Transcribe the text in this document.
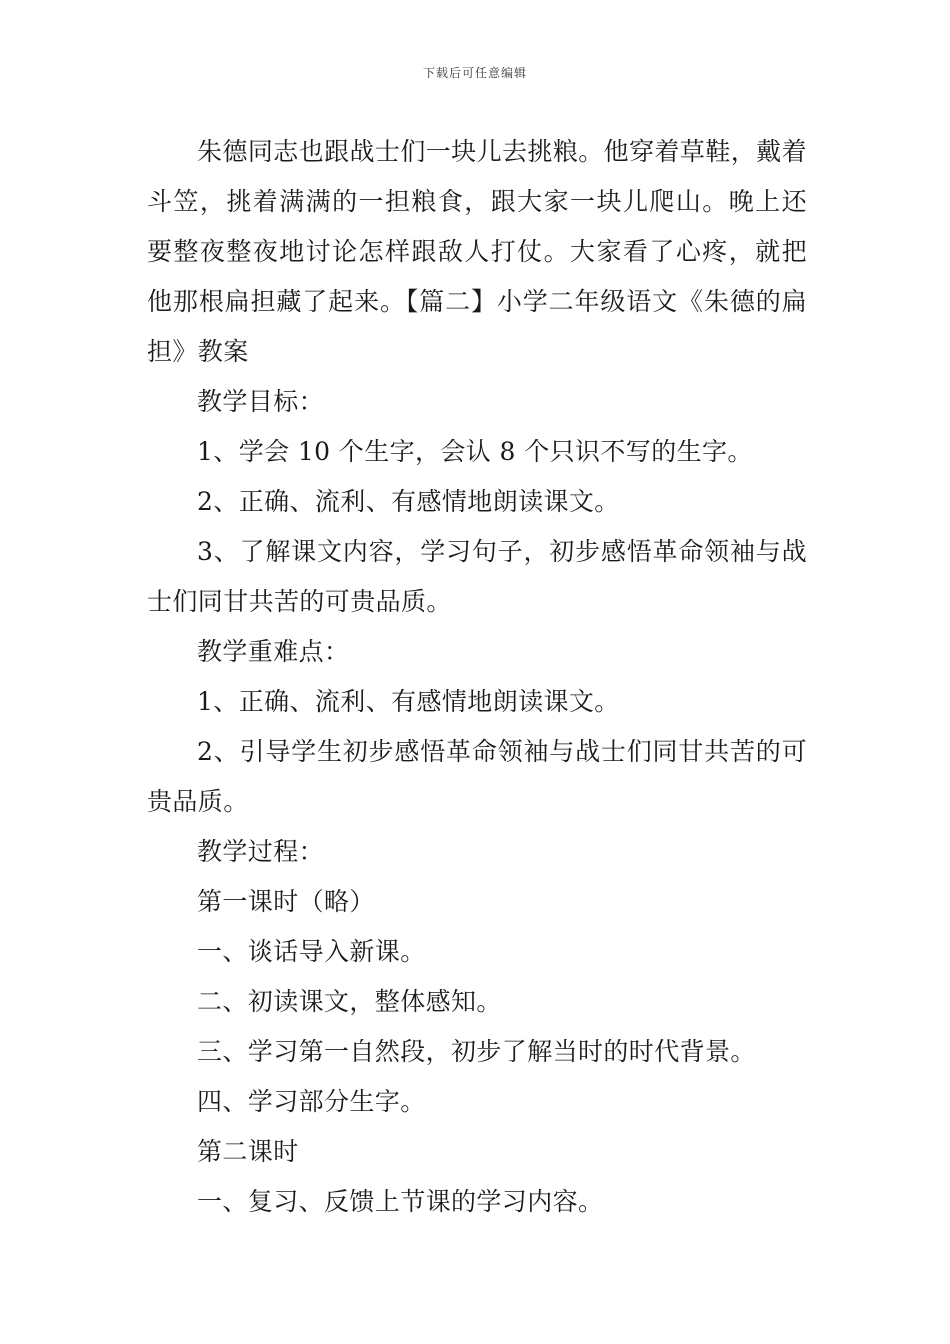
下载后可任意编辑

朱德同志也跟战士们一块儿去挑粮。他穿着草鞋，戴着斗笠，挑着满满的一担粮食，跟大家一块儿爬山。晚上还要整夜整夜地讨论怎样跟敌人打仗。大家看了心疼，就把他那根扁担藏了起来。【篇二】小学二年级语文《朱德的扁担》教案

教学目标：

1、学会 10 个生字，会认 8 个只识不写的生字。

2、正确、流利、有感情地朗读课文。

3、了解课文内容，学习句子，初步感悟革命领袖与战士们同甘共苦的可贵品质。

教学重难点：

1、正确、流利、有感情地朗读课文。

2、引导学生初步感悟革命领袖与战士们同甘共苦的可贵品质。

教学过程：

第一课时（略）

一、谈话导入新课。

二、初读课文，整体感知。

三、学习第一自然段，初步了解当时的时代背景。

四、学习部分生字。

第二课时

一、复习、反馈上节课的学习内容。
